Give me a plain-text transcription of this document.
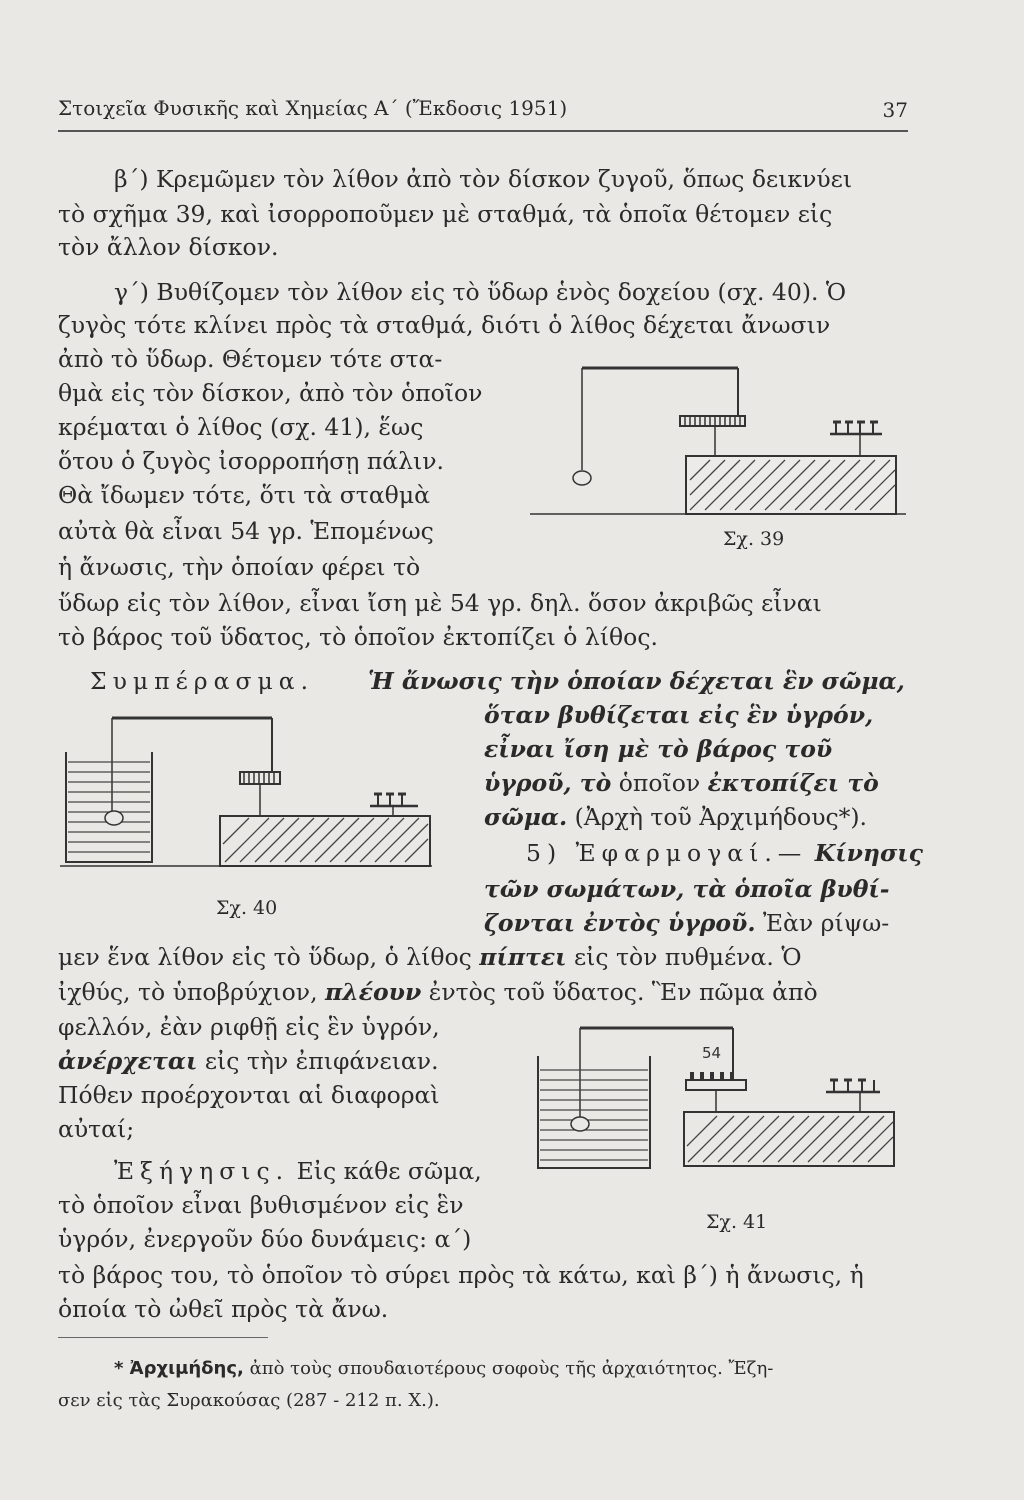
Στοιχεῖα Φυσικῆς καὶ Χημείας Α΄ (Ἔκδοσις 1951)	37
β΄) Κρεμῶμεν τὸν λίθον ἀπὸ τὸν δίσκον ζυγοῦ, ὅπως δεικνύει
τὸ σχῆμα 39, καὶ ἰσορροποῦμεν μὲ σταθμά, τὰ ὁποῖα θέτομεν εἰς
τὸν ἄλλον δίσκον.
γ΄) Βυθίζομεν τὸν λίθον εἰς τὸ ὕδωρ ἑνὸς δοχείου (σχ. 40). Ὁ
ζυγὸς τότε κλίνει πρὸς τὰ σταθμά, διότι ὁ λίθος δέχεται ἄνωσιν
ἀπὸ τὸ ὕδωρ. Θέτομεν τότε στα-
θμὰ εἰς τὸν δίσκον, ἀπὸ τὸν ὁποῖον
κρέμαται ὁ λίθος (σχ. 41), ἕως
ὅτου ὁ ζυγὸς ἰσορροπήσῃ πάλιν.
Θὰ ἴδωμεν τότε, ὅτι τὰ σταθμὰ
αὐτὰ θὰ εἶναι 54 γρ. Ἑπομένως
ἡ ἄνωσις, τὴν ὁποίαν φέρει τὸ
ὕδωρ εἰς τὸν λίθον, εἶναι ἴση μὲ 54 γρ. δηλ. ὅσον ἀκριβῶς εἶναι
τὸ βάρος τοῦ ὕδατος, τὸ ὁποῖον ἐκτοπίζει ὁ λίθος.
Σχ. 39
Συμπέρασμα. Ἡ ἄνωσις τὴν ὁποίαν δέχεται ἓν σῶμα,
ὅταν βυθίζεται εἰς ἓν ὑγρόν,
εἶναι ἴση μὲ τὸ βάρος τοῦ
ὑγροῦ, τὸ ὁποῖον ἐκτοπίζει τὸ
σῶμα. (Ἀρχὴ τοῦ Ἀρχιμήδους*).
5) Ἐφαρμογαί.— Κίνησις
τῶν σωμάτων, τὰ ὁποῖα βυθί-
ζονται ἐντὸς ὑγροῦ. Ἐὰν ρίψω-
Σχ. 40
μεν ἕνα λίθον εἰς τὸ ὕδωρ, ὁ λίθος πίπτει εἰς τὸν πυθμένα. Ὁ
ἰχθύς, τὸ ὑποβρύχιον, πλέουν ἐντὸς τοῦ ὕδατος. Ἓν πῶμα ἀπὸ
φελλόν, ἐὰν ριφθῇ εἰς ἓν ὑγρόν,
ἀνέρχεται εἰς τὴν ἐπιφάνειαν.
Πόθεν προέρχονται αἱ διαφοραὶ
αὐταί;
Ἐξήγησις. Εἰς κάθε σῶμα,
τὸ ὁποῖον εἶναι βυθισμένον εἰς ἓν
ὑγρόν, ἐνεργοῦν δύο δυνάμεις: α΄)
τὸ βάρος του, τὸ ὁποῖον τὸ σύρει πρὸς τὰ κάτω, καὶ β΄) ἡ ἄνωσις, ἡ
ὁποία τὸ ὠθεῖ πρὸς τὰ ἄνω.
54
Σχ. 41
* Ἀρχιμήδης, ἀπὸ τοὺς σπουδαιοτέρους σοφοὺς τῆς ἀρχαιότητος. Ἔζη-
σεν εἰς τὰς Συρακούσας (287 - 212 π. Χ.).
